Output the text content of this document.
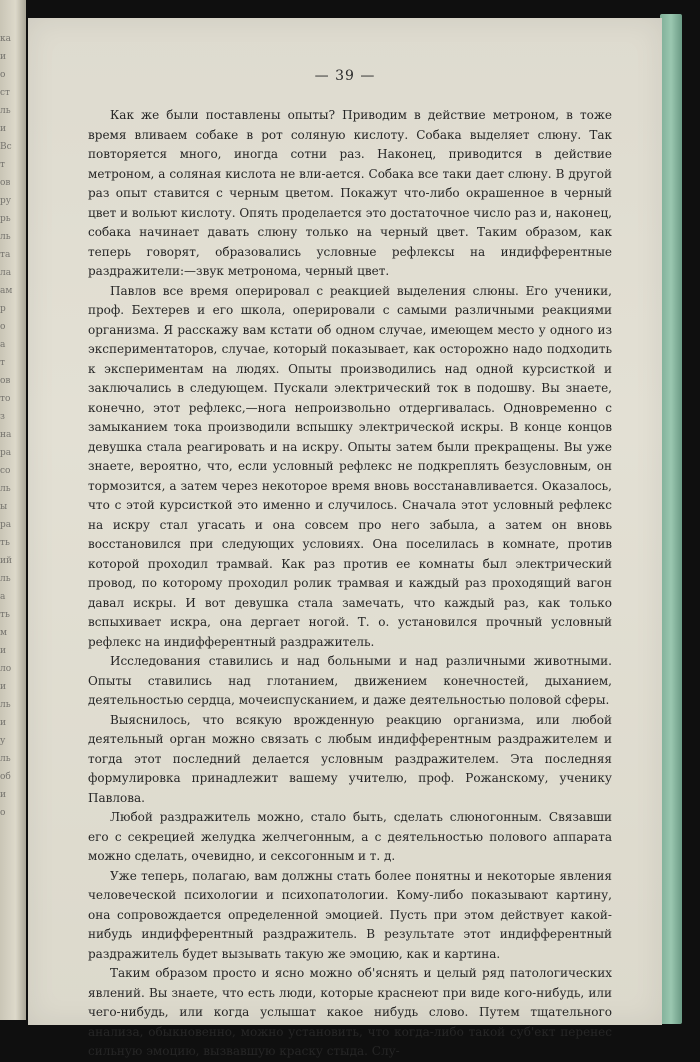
ка
и
о
ст
ль
и
Вс
т
ов
ру
рь
ль
та
ла
ам
р
о
а
т
ов
то
з
на
ра
со
ль
ы
ра
ть
ий
ль
а
ть
м
и
ло
и
ль
и
у
ль
об
и
о
— 39 —

Как же были поставлены опыты? Приводим в действие метроном, в тоже время вливаем собаке в рот соляную кислоту. Собака выделяет слюну. Так повторяется много, иногда сотни раз. Наконец, приводится в действие метроном, а соляная кислота не вли-ается. Собака все таки дает слюну. В другой раз опыт ставится с черным цветом. Покажут что-либо окрашенное в черный цвет и вольют кислоту. Опять проделается это достаточное число раз и, наконец, собака начинает давать слюну только на черный цвет. Таким образом, как теперь говорят, образовались условные рефлексы на индифферентные раздражители:—звук метронома, черный цвет.

Павлов все время оперировал с реакцией выделения слюны. Его ученики, проф. Бехтерев и его школа, оперировали с самыми различными реакциями организма. Я расскажу вам кстати об одном случае, имеющем место у одного из экспериментаторов, случае, который показывает, как осторожно надо подходить к экспериментам на людях. Опыты производились над одной курсисткой и заключались в следующем. Пускали электрический ток в подошву. Вы знаете, конечно, этот рефлекс,—нога непроизвольно отдергивалась. Одновременно с замыканием тока производили вспышку электрической искры. В конце концов девушка стала реагировать и на искру. Опыты затем были прекращены. Вы уже знаете, вероятно, что, если условный рефлекс не подкреплять безусловным, он тормозится, а затем через некоторое время вновь восстанавливается. Оказалось, что с этой курсисткой это именно и случилось. Сначала этот условный рефлекс на искру стал угасать и она совсем про него забыла, а затем он вновь восстановился при следующих условиях. Она поселилась в комнате, против которой проходил трамвай. Как раз против ее комнаты был электрический провод, по которому проходил ролик трамвая и каждый раз проходящий вагон давал искры. И вот девушка стала замечать, что каждый раз, как только вспыхивает искра, она дергает ногой. Т. о. установился прочный условный рефлекс на индифферентный раздражитель.

Исследования ставились и над больными и над различными животными. Опыты ставились над глотанием, движением конечностей, дыханием, деятельностью сердца, мочеиспусканием, и даже деятельностью половой сферы.

Выяснилось, что всякую врожденную реакцию организма, или любой деятельный орган можно связать с любым индифферентным раздражителем и тогда этот последний делается условным раздражителем. Эта последняя формулировка принадлежит вашему учителю, проф. Рожанскому, ученику Павлова.

Любой раздражитель можно, стало быть, сделать слюногонным. Связавши его с секрецией желудка желчегонным, а с деятельностью полового аппарата можно сделать, очевидно, и сексогонным и т. д.

Уже теперь, полагаю, вам должны стать более понятны и некоторые явления человеческой психологии и психопатологии. Кому-либо показывают картину, она сопровождается определенной эмоцией. Пусть при этом действует какой-нибудь индифферентный раздражитель. В результате этот индифферентный раздражитель будет вызывать такую же эмоцию, как и картина.

Таким образом просто и ясно можно об'яснять и целый ряд патологических явлений. Вы знаете, что есть люди, которые краснеют при виде кого-нибудь, или чего-нибудь, или когда услышат какое нибудь слово. Путем тщательного анализа, обыкновенно, можно установить, что когда-либо такой суб'ект перенес сильную эмоцию, вызвавшую краску стыда. Слу-
